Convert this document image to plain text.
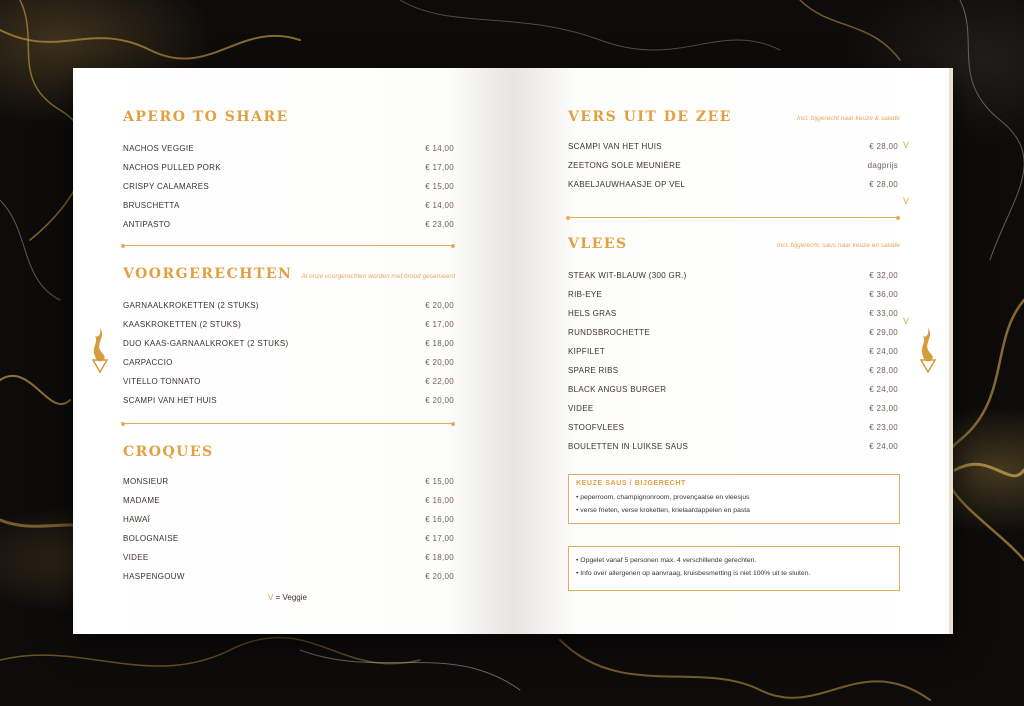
APERO TO SHARE
NACHOS VEGGIE	€ 14,00
NACHOS PULLED PORK	€ 17,00
CRISPY CALAMARES	€ 15,00
BRUSCHETTA	€ 14,00
ANTIPASTO	€ 23,00
VOORGERECHTEN Al onze voorgerechten worden met brood geserveerd
GARNAALKROKETTEN (2 STUKS)	€ 20,00
KAASKROKETTEN (2 STUKS)	€ 17,00
DUO KAAS-GARNAALKROKET (2 STUKS)	€ 18,00
CARPACCIO	€ 20,00
VITELLO TONNATO	€ 22,00
SCAMPI VAN HET HUIS	€ 20,00
CROQUES
MONSIEUR	€ 15,00
MADAME	€ 16,00
HAWAÏ	€ 16,00
BOLOGNAISE	€ 17,00
VIDEE	€ 18,00
HASPENGOUW	€ 20,00
V = Veggie
VERS UIT DE ZEE	Incl. bijgerecht naar keuze & salade
SCAMPI VAN HET HUIS	€ 28,00
ZEETONG SOLE MEUNIÈRE	dagprijs
KABELJAUWHAASJE OP VEL	€ 28,00
VLEES	Incl. bijgerecht, saus naar keuze en salade
STEAK WIT-BLAUW (300 GR.)	€ 32,00
RIB-EYE	€ 36,00
HELS GRAS	€ 33,00
RUNDSBROCHETTE	€ 29,00
KIPFILET	€ 24,00
SPARE RIBS	€ 28,00
BLACK ANGUS BURGER	€ 24,00
VIDEE	€ 23,00
STOOFVLEES	€ 23,00
BOULETTEN IN LUIKSE SAUS	€ 24,00
V
V
V
KEUZE SAUS / BIJGERECHT
• peperroom, champignonroom, provençaalse en vleesjus
• verse frieten, verse kroketten, krielaardappelen en pasta
• Opgelet vanaf 5 personen max. 4 verschillende gerechten.
• Info over allergenen op aanvraag, kruisbesmetting is niet 100% uit te sluiten.
